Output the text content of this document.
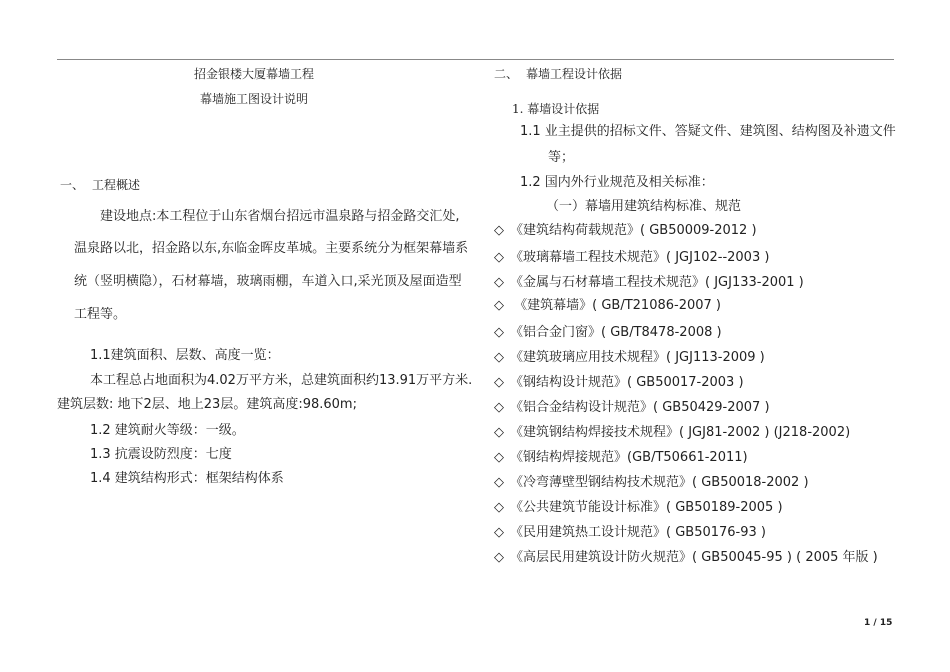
招金银楼大厦幕墙工程
幕墙施工图设计说明
一、 工程概述
建设地点:本工程位于山东省烟台招远市温泉路与招金路交汇处,
温泉路以北，招金路以东,东临金晖皮革城。主要系统分为框架幕墙系
统（竖明横隐），石材幕墙，玻璃雨棚，车道入口,采光顶及屋面造型
工程等。
1.1建筑面积、层数、高度一览：
本工程总占地面积为4.02万平方米，总建筑面积约13.91万平方米.
建筑层数: 地下2层、地上23层。建筑高度:98.60m;
1.2 建筑耐火等级：一级。
1.3 抗震设防烈度：七度
1.4 建筑结构形式：框架结构体系
二、 幕墙工程设计依据
1. 幕墙设计依据
1.1 业主提供的招标文件、答疑文件、建筑图、结构图及补遗文件
等；
1.2 国内外行业规范及相关标准：
（一）幕墙用建筑结构标准、规范
◇ 《建筑结构荷载规范》( GB50009-2012 )
◇ 《玻璃幕墙工程技术规范》( JGJ102--2003 )
◇ 《金属与石材幕墙工程技术规范》( JGJ133-2001 )
◇ 《建筑幕墙》( GB/T21086-2007 )
◇ 《铝合金门窗》( GB/T8478-2008 )
◇ 《建筑玻璃应用技术规程》( JGJ113-2009 )
◇ 《钢结构设计规范》( GB50017-2003 )
◇ 《铝合金结构设计规范》( GB50429-2007 )
◇ 《建筑钢结构焊接技术规程》( JGJ81-2002 ) (J218-2002)
◇ 《钢结构焊接规范》(GB/T50661-2011)
◇ 《冷弯薄壁型钢结构技术规范》( GB50018-2002 )
◇ 《公共建筑节能设计标准》( GB50189-2005 )
◇ 《民用建筑热工设计规范》( GB50176-93 )
◇ 《高层民用建筑设计防火规范》( GB50045-95 ) ( 2005 年版 )
1 / 15
